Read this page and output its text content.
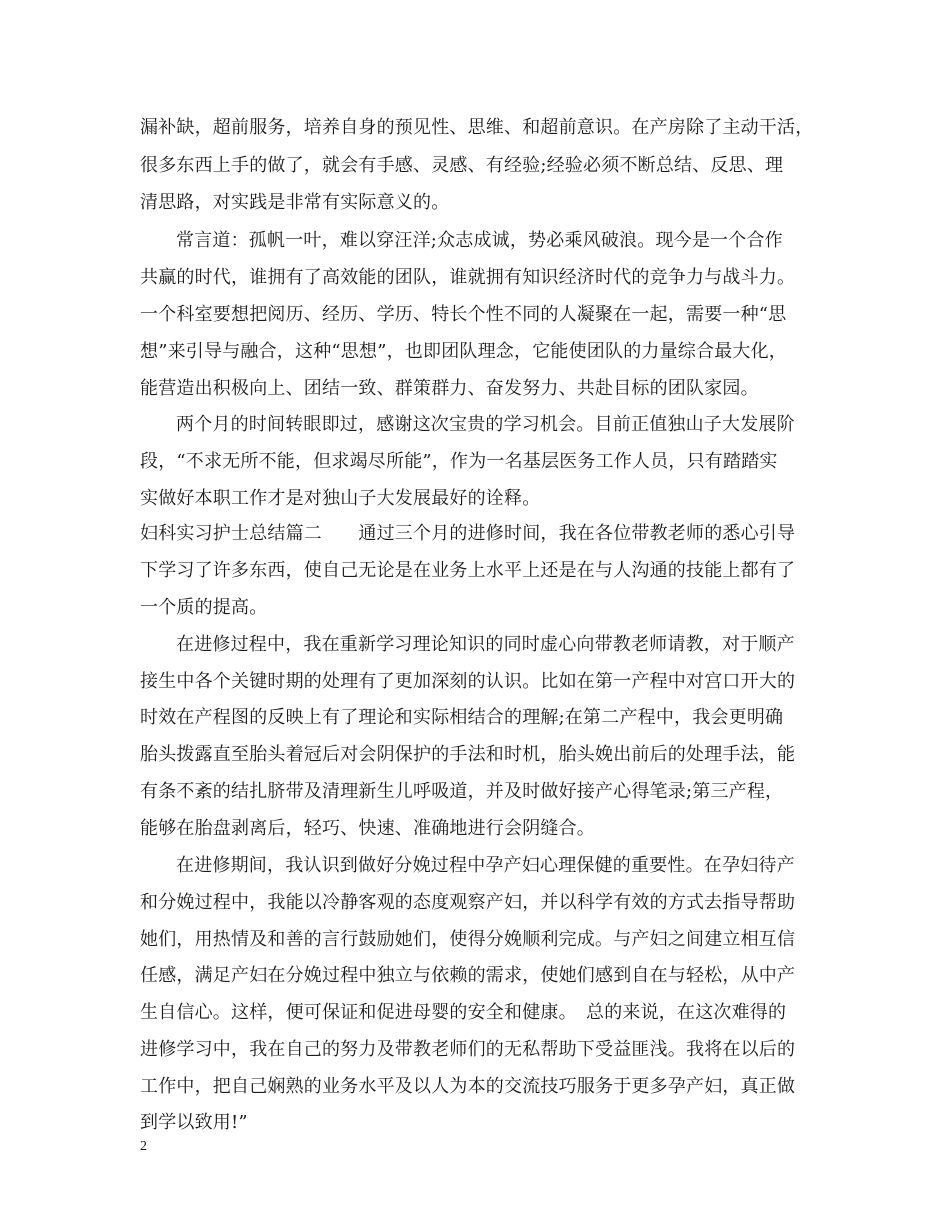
漏补缺，超前服务，培养自身的预见性、思维、和超前意识。在产房除了主动干活，
很多东西上手的做了，就会有手感、灵感、有经验;经验必须不断总结、反思、理
清思路，对实践是非常有实际意义的。
常言道：孤帆一叶，难以穿汪洋;众志成诚，势必乘风破浪。现今是一个合作
共赢的时代，谁拥有了高效能的团队，谁就拥有知识经济时代的竞争力与战斗力。
一个科室要想把阅历、经历、学历、特长个性不同的人凝聚在一起，需要一种“思
想”来引导与融合，这种“思想”，也即团队理念，它能使团队的力量综合最大化，
能营造出积极向上、团结一致、群策群力、奋发努力、共赴目标的团队家园。
两个月的时间转眼即过，感谢这次宝贵的学习机会。目前正值独山子大发展阶
段，“不求无所不能，但求竭尽所能”，作为一名基层医务工作人员，只有踏踏实
实做好本职工作才是对独山子大发展最好的诠释。
妇科实习护士总结篇二　　通过三个月的进修时间，我在各位带教老师的悉心引导
下学习了许多东西，使自己无论是在业务上水平上还是在与人沟通的技能上都有了
一个质的提高。
在进修过程中，我在重新学习理论知识的同时虚心向带教老师请教，对于顺产
接生中各个关键时期的处理有了更加深刻的认识。比如在第一产程中对宫口开大的
时效在产程图的反映上有了理论和实际相结合的理解;在第二产程中，我会更明确
胎头拨露直至胎头着冠后对会阴保护的手法和时机，胎头娩出前后的处理手法，能
有条不紊的结扎脐带及清理新生儿呼吸道，并及时做好接产心得笔录;第三产程，
能够在胎盘剥离后，轻巧、快速、准确地进行会阴缝合。
在进修期间，我认识到做好分娩过程中孕产妇心理保健的重要性。在孕妇待产
和分娩过程中，我能以冷静客观的态度观察产妇，并以科学有效的方式去指导帮助
她们，用热情及和善的言行鼓励她们，使得分娩顺利完成。与产妇之间建立相互信
任感，满足产妇在分娩过程中独立与依赖的需求，使她们感到自在与轻松，从中产
生自信心。这样，便可保证和促进母婴的安全和健康。　总的来说，在这次难得的
进修学习中，我在自己的努力及带教老师们的无私帮助下受益匪浅。我将在以后的
工作中，把自己娴熟的业务水平及以人为本的交流技巧服务于更多孕产妇，真正做
到学以致用!”
2
